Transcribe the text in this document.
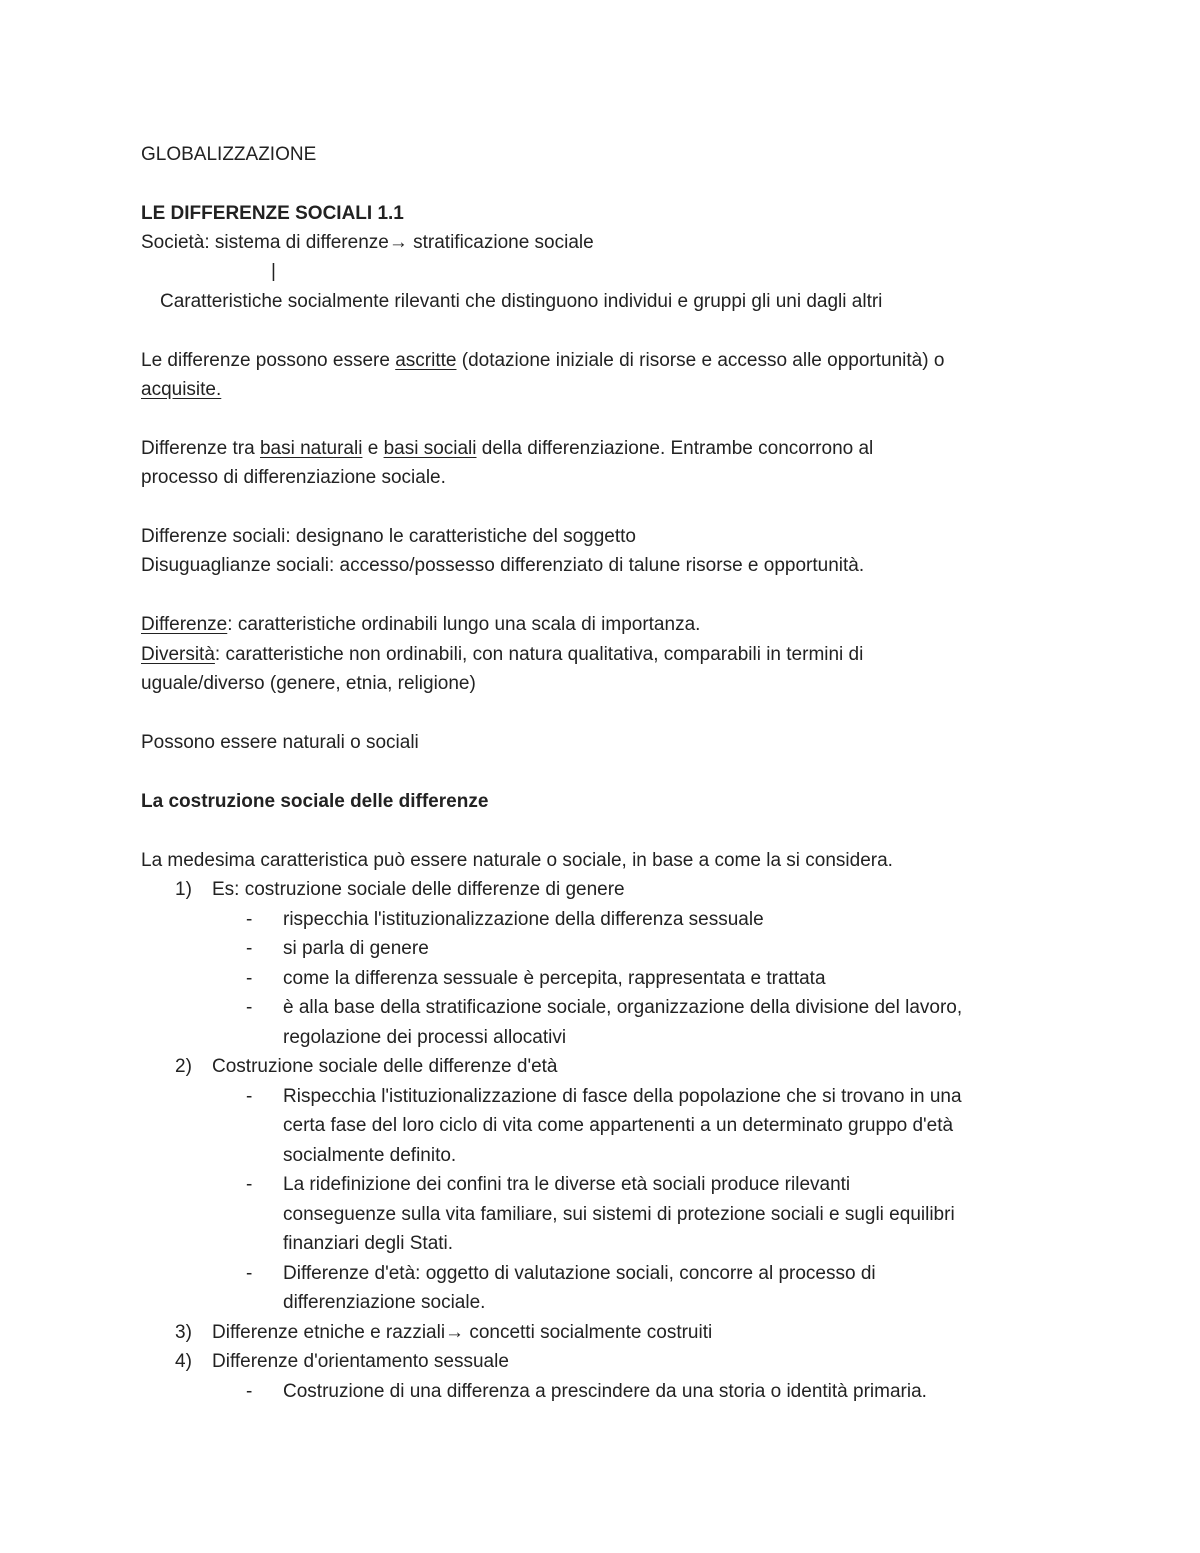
GLOBALIZZAZIONE
LE DIFFERENZE SOCIALI 1.1
Società: sistema di differenze→ stratificazione sociale
|
Caratteristiche socialmente rilevanti che distinguono individui e gruppi gli uni dagli altri
Le differenze possono essere ascritte (dotazione iniziale di risorse e accesso alle opportunità) o
acquisite.
Differenze tra basi naturali e basi sociali della differenziazione. Entrambe concorrono al
processo di differenziazione sociale.
Differenze sociali: designano le caratteristiche del soggetto
Disuguaglianze sociali: accesso/possesso differenziato di talune risorse e opportunità.
Differenze: caratteristiche ordinabili lungo una scala di importanza.
Diversità: caratteristiche non ordinabili, con natura qualitativa, comparabili in termini di
uguale/diverso (genere, etnia, religione)
Possono essere naturali o sociali
La costruzione sociale delle differenze
La medesima caratteristica può essere naturale o sociale, in base a come la si considera.
1) Es: costruzione sociale delle differenze di genere
- rispecchia l'istituzionalizzazione della differenza sessuale
- si parla di genere
- come la differenza sessuale è percepita, rappresentata e trattata
- è alla base della stratificazione sociale, organizzazione della divisione del lavoro,
regolazione dei processi allocativi
2) Costruzione sociale delle differenze d'età
- Rispecchia l'istituzionalizzazione di fasce della popolazione che si trovano in una
certa fase del loro ciclo di vita come appartenenti a un determinato gruppo d'età
socialmente definito.
- La ridefinizione dei confini tra le diverse età sociali produce rilevanti
conseguenze sulla vita familiare, sui sistemi di protezione sociali e sugli equilibri
finanziari degli Stati.
- Differenze d'età: oggetto di valutazione sociali, concorre al processo di
differenziazione sociale.
3) Differenze etniche e razziali→ concetti socialmente costruiti
4) Differenze d'orientamento sessuale
- Costruzione di una differenza a prescindere da una storia o identità primaria.
